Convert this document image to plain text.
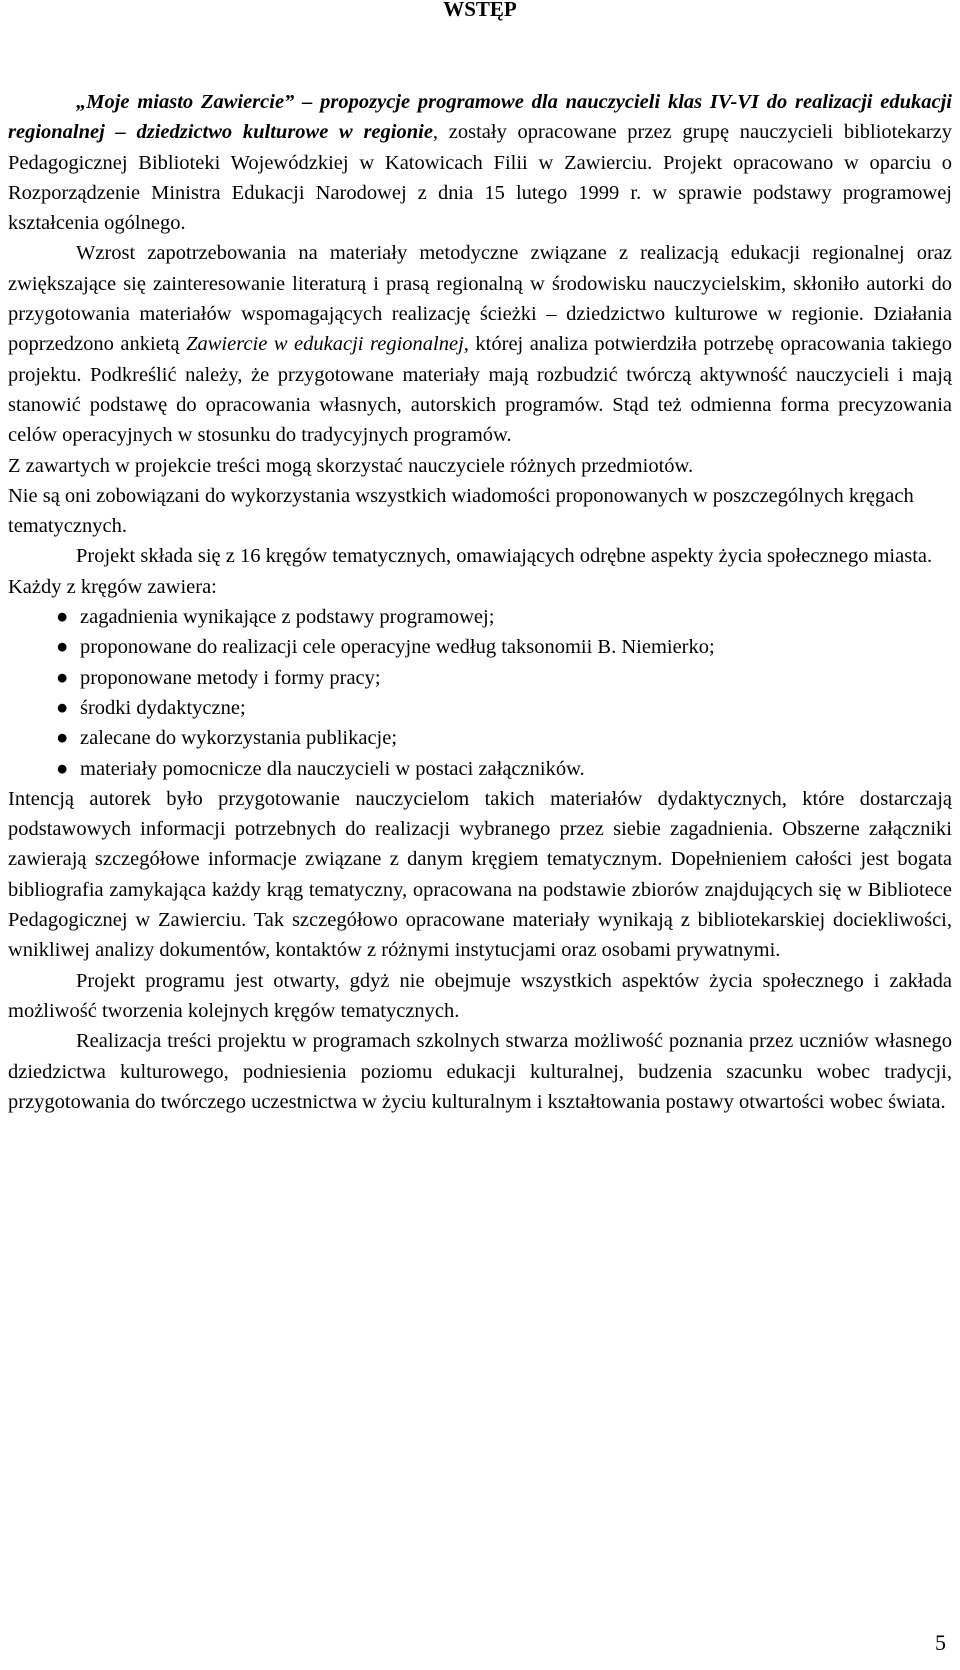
WSTĘP

„Moje miasto Zawiercie” – propozycje programowe dla nauczycieli klas IV-VI do realizacji edukacji regionalnej – dziedzictwo kulturowe w regionie, zostały opracowane przez grupę nauczycieli bibliotekarzy Pedagogicznej Biblioteki Wojewódzkiej w Katowicach Filii w Zawierciu. Projekt opracowano w oparciu o Rozporządzenie Ministra Edukacji Narodowej z dnia 15 lutego 1999 r. w sprawie podstawy programowej kształcenia ogólnego.

Wzrost zapotrzebowania na materiały metodyczne związane z realizacją edukacji regionalnej oraz zwiększające się zainteresowanie literaturą i prasą regionalną w środowisku nauczycielskim, skłoniło autorki do przygotowania materiałów wspomagających realizację ścieżki – dziedzictwo kulturowe w regionie. Działania poprzedzono ankietą Zawiercie w edukacji regionalnej, której analiza potwierdziła potrzebę opracowania takiego projektu. Podkreślić należy, że przygotowane materiały mają rozbudzić twórczą aktywność nauczycieli i mają stanowić podstawę do opracowania własnych, autorskich programów. Stąd też odmienna forma precyzowania celów operacyjnych w stosunku do tradycyjnych programów.

Z zawartych w projekcie treści mogą skorzystać nauczyciele różnych przedmiotów.

Nie są oni zobowiązani do wykorzystania wszystkich wiadomości proponowanych w poszczególnych kręgach tematycznych.

Projekt składa się z 16 kręgów tematycznych, omawiających odrębne aspekty życia społecznego miasta. Każdy z kręgów zawiera:

● zagadnienia wynikające z podstawy programowej;
● proponowane do realizacji cele operacyjne według taksonomii B. Niemierko;
● proponowane metody i formy pracy;
● środki dydaktyczne;
● zalecane do wykorzystania publikacje;
● materiały pomocnicze dla nauczycieli w postaci załączników.

Intencją autorek było przygotowanie nauczycielom takich materiałów dydaktycznych, które dostarczają podstawowych informacji potrzebnych do realizacji wybranego przez siebie zagadnienia. Obszerne załączniki zawierają szczegółowe informacje związane z danym kręgiem tematycznym. Dopełnieniem całości jest bogata bibliografia zamykająca każdy krąg tematyczny, opracowana na podstawie zbiorów znajdujących się w Bibliotece Pedagogicznej w Zawierciu. Tak szczegółowo opracowane materiały wynikają z bibliotekarskiej dociekliwości, wnikliwej analizy dokumentów, kontaktów z różnymi instytucjami oraz osobami prywatnymi.

Projekt programu jest otwarty, gdyż nie obejmuje wszystkich aspektów życia społecznego i zakłada możliwość tworzenia kolejnych kręgów tematycznych.

Realizacja treści projektu w programach szkolnych stwarza możliwość poznania przez uczniów własnego dziedzictwa kulturowego, podniesienia poziomu edukacji kulturalnej, budzenia szacunku wobec tradycji, przygotowania do twórczego uczestnictwa w życiu kulturalnym i kształtowania postawy otwartości wobec świata.

5
